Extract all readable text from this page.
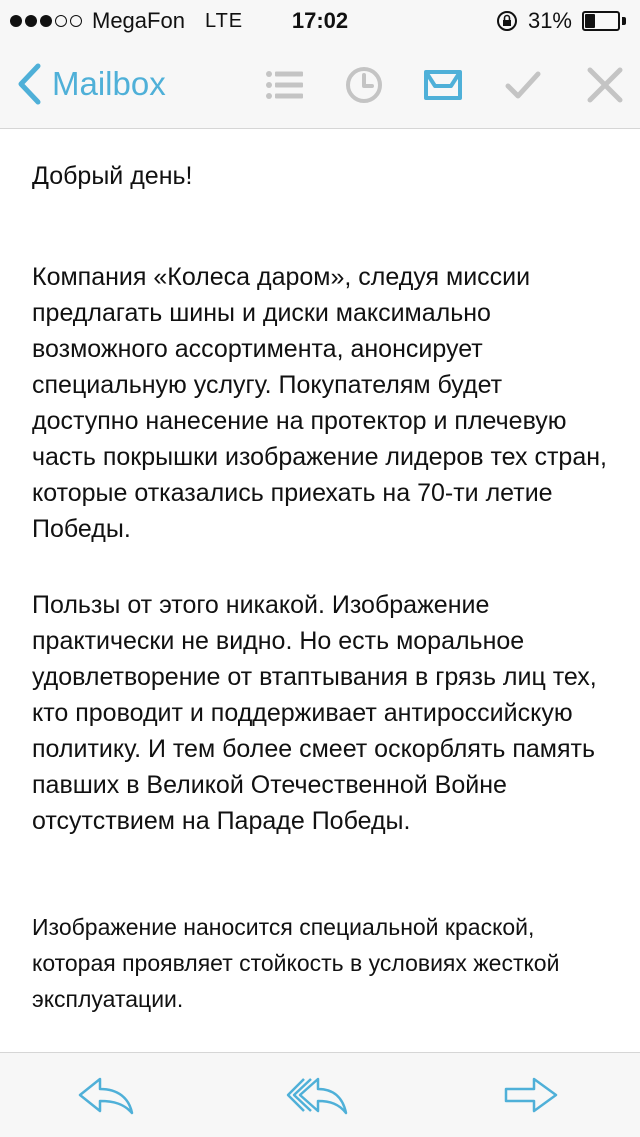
MegaFon LTE	17:02	31%
Mailbox

Добрый день!

Компания «Колеса даром», следуя миссии предлагать шины и диски максимально возможного ассортимента, анонсирует специальную услугу. Покупателям будет доступно нанесение на протектор и плечевую часть покрышки изображение лидеров тех стран, которые отказались приехать на 70-ти летие Победы.

Пользы от этого никакой. Изображение практически не видно. Но есть моральное удовлетворение от втаптывания в грязь лиц тех, кто проводит и поддерживает антироссийскую политику. И тем более смеет оскорблять память павших в Великой Отечественной Войне отсутствием на Параде Победы.

Изображение наносится специальной краской, которая проявляет стойкость в условиях жесткой эксплуатации.
